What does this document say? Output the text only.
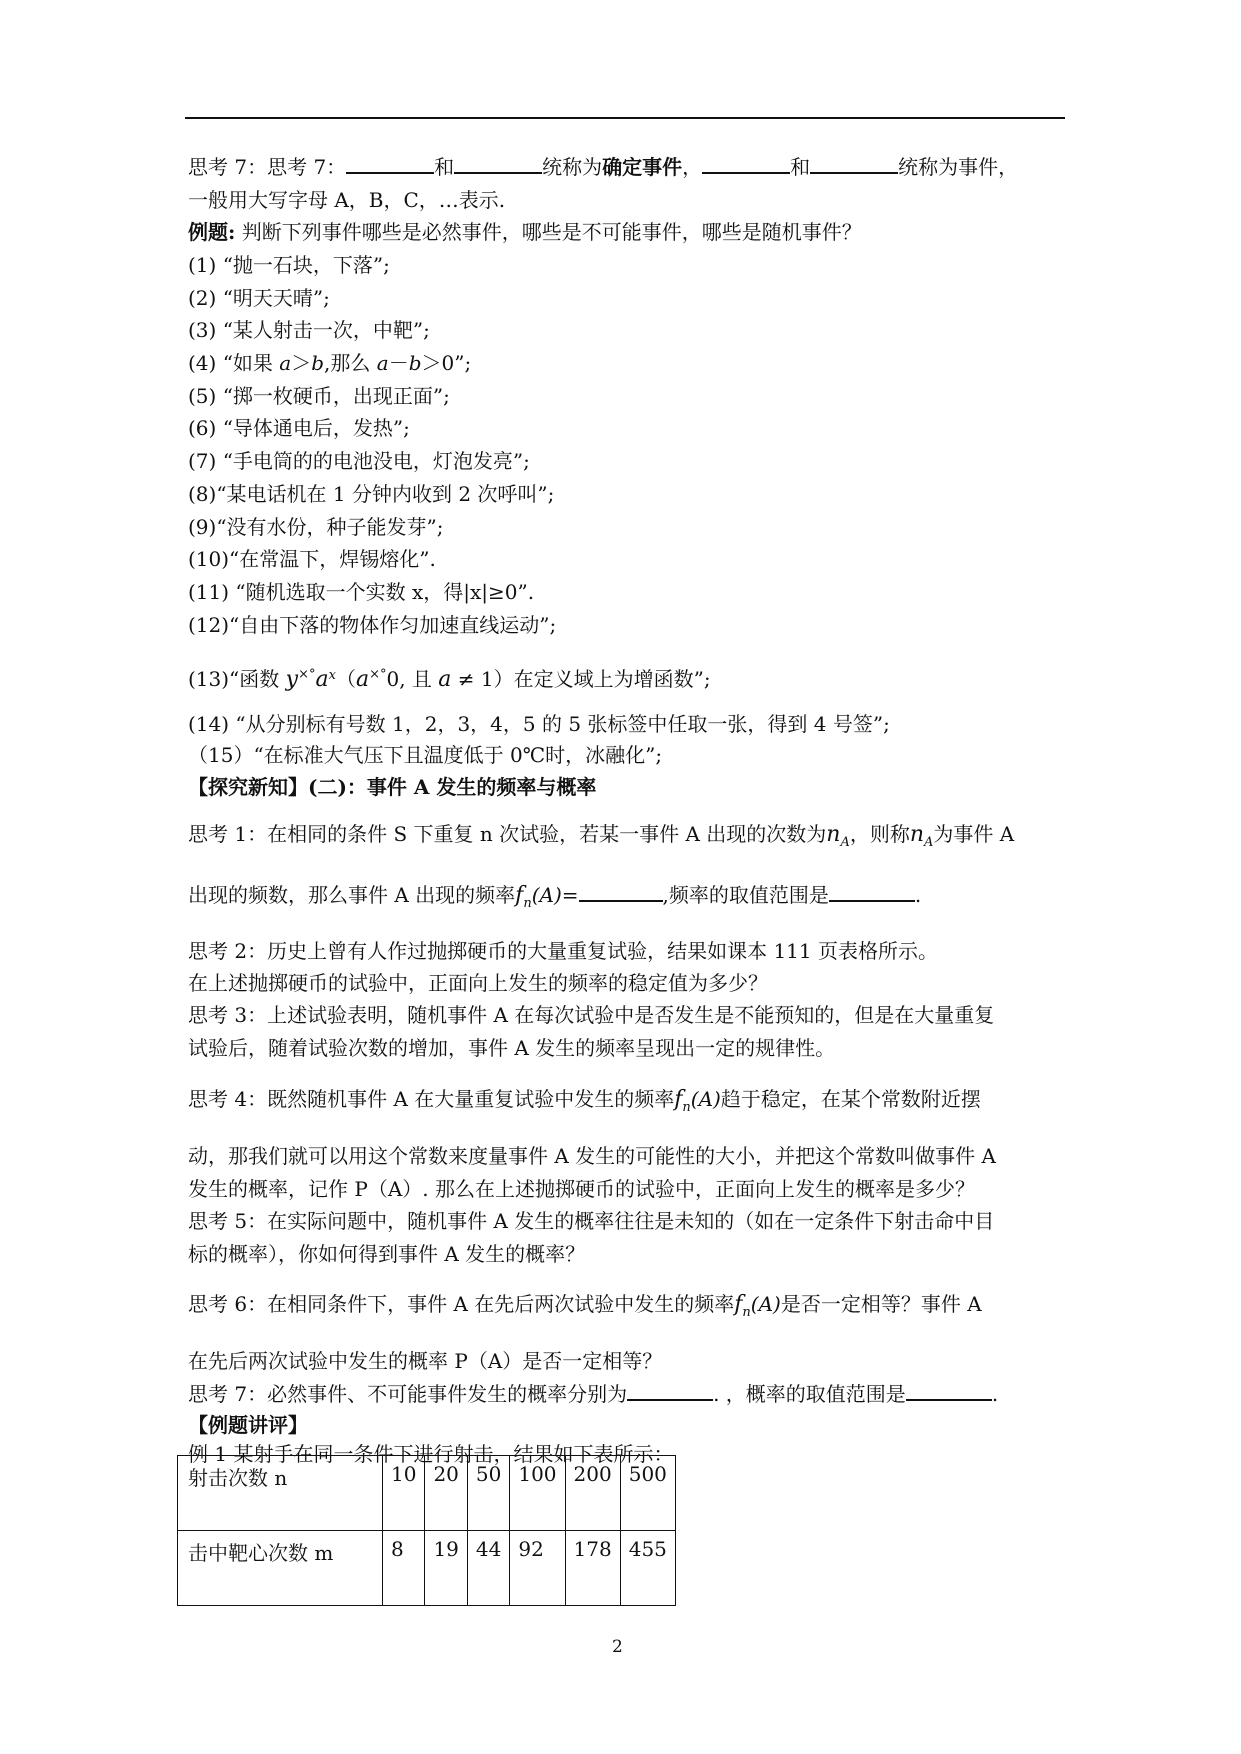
思考 7：思考 7：	和	统称为确定事件，	和	统称为事件，
一般用大写字母 A，B，C，…表示.
例题: 判断下列事件哪些是必然事件，哪些是不可能事件，哪些是随机事件？
(1) “抛一石块，下落”;
(2) “明天天晴”;
(3) “某人射击一次，中靶”;
(4) “如果 a＞b,那么 a－b＞0”;
(5) “掷一枚硬币，出现正面”;
(6) “导体通电后，发热”;
(7) “手电筒的的电池没电，灯泡发亮”;
(8)“某电话机在 1 分钟内收到 2 次呼叫”;
(9)“没有水份，种子能发芽”;
(10)“在常温下，焊锡熔化”.
(11) “随机选取一个实数 x，得|x|≥0”.
(12)“自由下落的物体作匀加速直线运动”;
(13)“函数 $y^{\times^\circ}a^x(a^{\times^\circ}0$, 且 a ≠ 1）在定义域上为增函数”;
(14) “从分别标有号数 1，2，3，4，5 的 5 张标签中任取一张，得到 4 号签”;
（15）“在标准大气压下且温度低于 0℃时，冰融化”;
【探究新知】(二)：事件 A 发生的频率与概率
思考 1：在相同的条件 S 下重复 n 次试验，若某一事件 A 出现的次数为$n_A$，则称$n_A$为事件 A
出现的频数，那么事件 A 出现的频率$f_n(A)=$	,频率的取值范围是	.
思考 2：历史上曾有人作过抛掷硬币的大量重复试验，结果如课本 111 页表格所示。
在上述抛掷硬币的试验中，正面向上发生的频率的稳定值为多少？
思考 3：上述试验表明，随机事件 A 在每次试验中是否发生是不能预知的，但是在大量重复
试验后，随着试验次数的增加，事件 A 发生的频率呈现出一定的规律性。
思考 4：既然随机事件 A 在大量重复试验中发生的频率$f_n(A)$趋于稳定，在某个常数附近摆
动，那我们就可以用这个常数来度量事件 A 发生的可能性的大小，并把这个常数叫做事件 A
发生的概率，记作 P（A）. 那么在上述抛掷硬币的试验中，正面向上发生的概率是多少？
思考 5：在实际问题中，随机事件 A 发生的概率往往是未知的（如在一定条件下射击命中目
标的概率），你如何得到事件 A 发生的概率？
思考 6：在相同条件下，事件 A 在先后两次试验中发生的频率$f_n(A)$是否一定相等？事件 A
在先后两次试验中发生的概率 P（A）是否一定相等？
思考 7：必然事件、不可能事件发生的概率分别为	. ，概率的取值范围是	.
【例题讲评】
例 1 某射手在同一条件下进行射击，结果如下表所示：
射击次数 n	10	20	50	100	200	500
击中靶心次数 m	8	19	44	92	178	455
2
